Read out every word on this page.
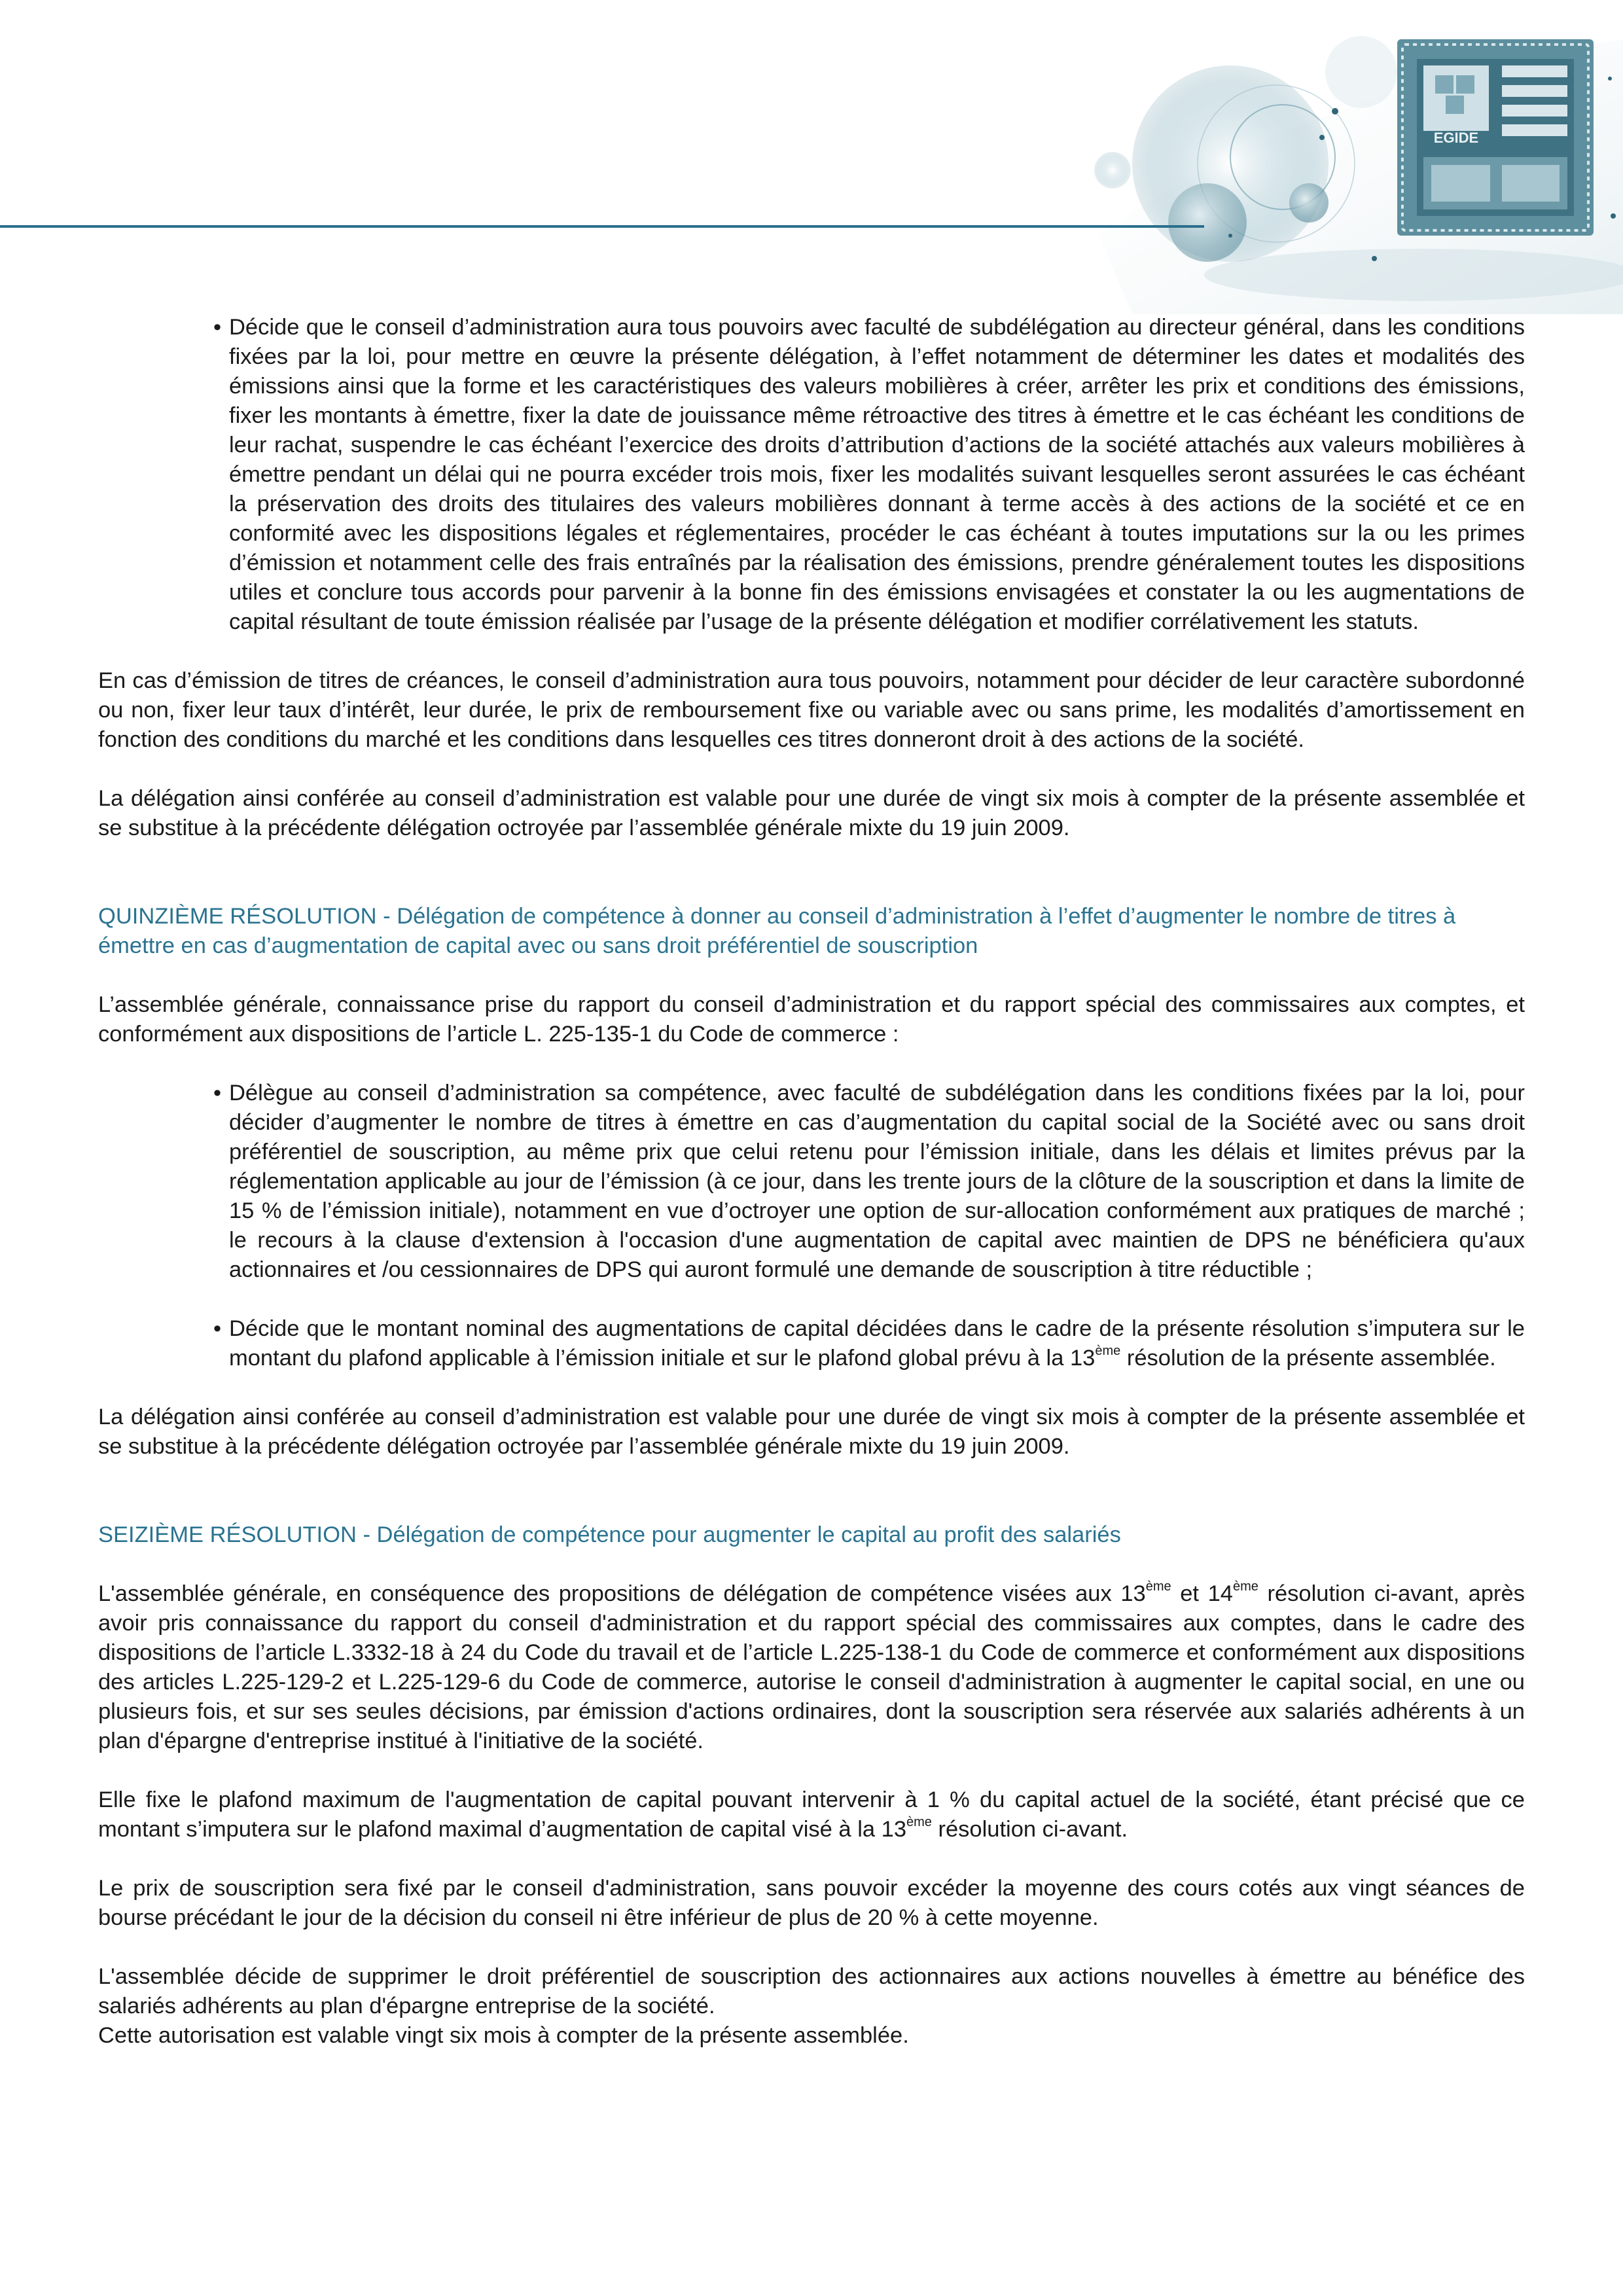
EGIDE

• Décide que le conseil d’administration aura tous pouvoirs avec faculté de subdélégation au directeur général, dans les conditions fixées par la loi, pour mettre en œuvre la présente délégation, à l’effet notamment de déterminer les dates et modalités des émissions ainsi que la forme et les caractéristiques des valeurs mobilières à créer, arrêter les prix et conditions des émissions, fixer les montants à émettre, fixer la date de jouissance même rétroactive des titres à émettre et le cas échéant les conditions de leur rachat, suspendre le cas échéant l’exercice des droits d’attribution d’actions de la société attachés aux valeurs mobilières à émettre pendant un délai qui ne pourra excéder trois mois, fixer les modalités suivant lesquelles seront assurées le cas échéant la préservation des droits des titulaires des valeurs mobilières donnant à terme accès à des actions de la société et ce en conformité avec les dispositions légales et réglementaires, procéder le cas échéant à toutes imputations sur la ou les primes d’émission et notamment celle des frais entraînés par la réalisation des émissions, prendre généralement toutes les dispositions utiles et conclure tous accords pour parvenir à la bonne fin des émissions envisagées et constater la ou les augmentations de capital résultant de toute émission réalisée par l’usage de la présente délégation et modifier corrélativement les statuts.

En cas d’émission de titres de créances, le conseil d’administration aura tous pouvoirs, notamment pour décider de leur caractère subordonné ou non, fixer leur taux d’intérêt, leur durée, le prix de remboursement fixe ou variable avec ou sans prime, les modalités d’amortissement en fonction des conditions du marché et les conditions dans lesquelles ces titres donneront droit à des actions de la société.

La délégation ainsi conférée au conseil d’administration est valable pour une durée de vingt six mois à compter de la présente assemblée et se substitue à la précédente délégation octroyée par l’assemblée générale mixte du 19 juin 2009.

QUINZIÈME RÉSOLUTION - Délégation de compétence à donner au conseil d’administration à l’effet d’augmenter le nombre de titres à émettre en cas d’augmentation de capital avec ou sans droit préférentiel de souscription

L’assemblée générale, connaissance prise du rapport du conseil d’administration et du rapport spécial des commissaires aux comptes, et conformément aux dispositions de l’article L. 225-135-1 du Code de commerce :

• Délègue au conseil d’administration sa compétence, avec faculté de subdélégation dans les conditions fixées par la loi, pour décider d’augmenter le nombre de titres à émettre en cas d’augmentation du capital social de la Société avec ou sans droit préférentiel de souscription, au même prix que celui retenu pour l’émission initiale, dans les délais et limites prévus par la réglementation applicable au jour de l’émission (à ce jour, dans les trente jours de la clôture de la souscription et dans la limite de 15 % de l’émission initiale), notamment en vue d’octroyer une option de sur-allocation conformément aux pratiques de marché ; le recours à la clause d'extension à l'occasion d'une augmentation de capital avec maintien de DPS ne bénéficiera qu'aux actionnaires et /ou cessionnaires de DPS qui auront formulé une demande de souscription à titre réductible ;

• Décide que le montant nominal des augmentations de capital décidées dans le cadre de la présente résolution s’imputera sur le montant du plafond applicable à l’émission initiale et sur le plafond global prévu à la 13ème résolution de la présente assemblée.

La délégation ainsi conférée au conseil d’administration est valable pour une durée de vingt six mois à compter de la présente assemblée et se substitue à la précédente délégation octroyée par l’assemblée générale mixte du 19 juin 2009.

SEIZIÈME RÉSOLUTION - Délégation de compétence pour augmenter le capital au profit des salariés

L'assemblée générale, en conséquence des propositions de délégation de compétence visées aux 13ème et 14ème résolution ci-avant, après avoir pris connaissance du rapport du conseil d'administration et du rapport spécial des commissaires aux comptes, dans le cadre des dispositions de l’article L.3332-18 à 24 du Code du travail et de l’article L.225-138-1 du Code de commerce et conformément aux dispositions des articles L.225-129-2 et L.225-129-6 du Code de commerce, autorise le conseil d'administration à augmenter le capital social, en une ou plusieurs fois, et sur ses seules décisions, par émission d'actions ordinaires, dont la souscription sera réservée aux salariés adhérents à un plan d'épargne d'entreprise institué à l'initiative de la société.

Elle fixe le plafond maximum de l'augmentation de capital pouvant intervenir à 1 % du capital actuel de la société, étant précisé que ce montant s’imputera sur le plafond maximal d’augmentation de capital visé à la 13ème résolution ci-avant.

Le prix de souscription sera fixé par le conseil d'administration, sans pouvoir excéder la moyenne des cours cotés aux vingt séances de bourse précédant le jour de la décision du conseil ni être inférieur de plus de 20 % à cette moyenne.

L'assemblée décide de supprimer le droit préférentiel de souscription des actionnaires aux actions nouvelles à émettre au bénéfice des salariés adhérents au plan d'épargne entreprise de la société.

Cette autorisation est valable vingt six mois à compter de la présente assemblée.
